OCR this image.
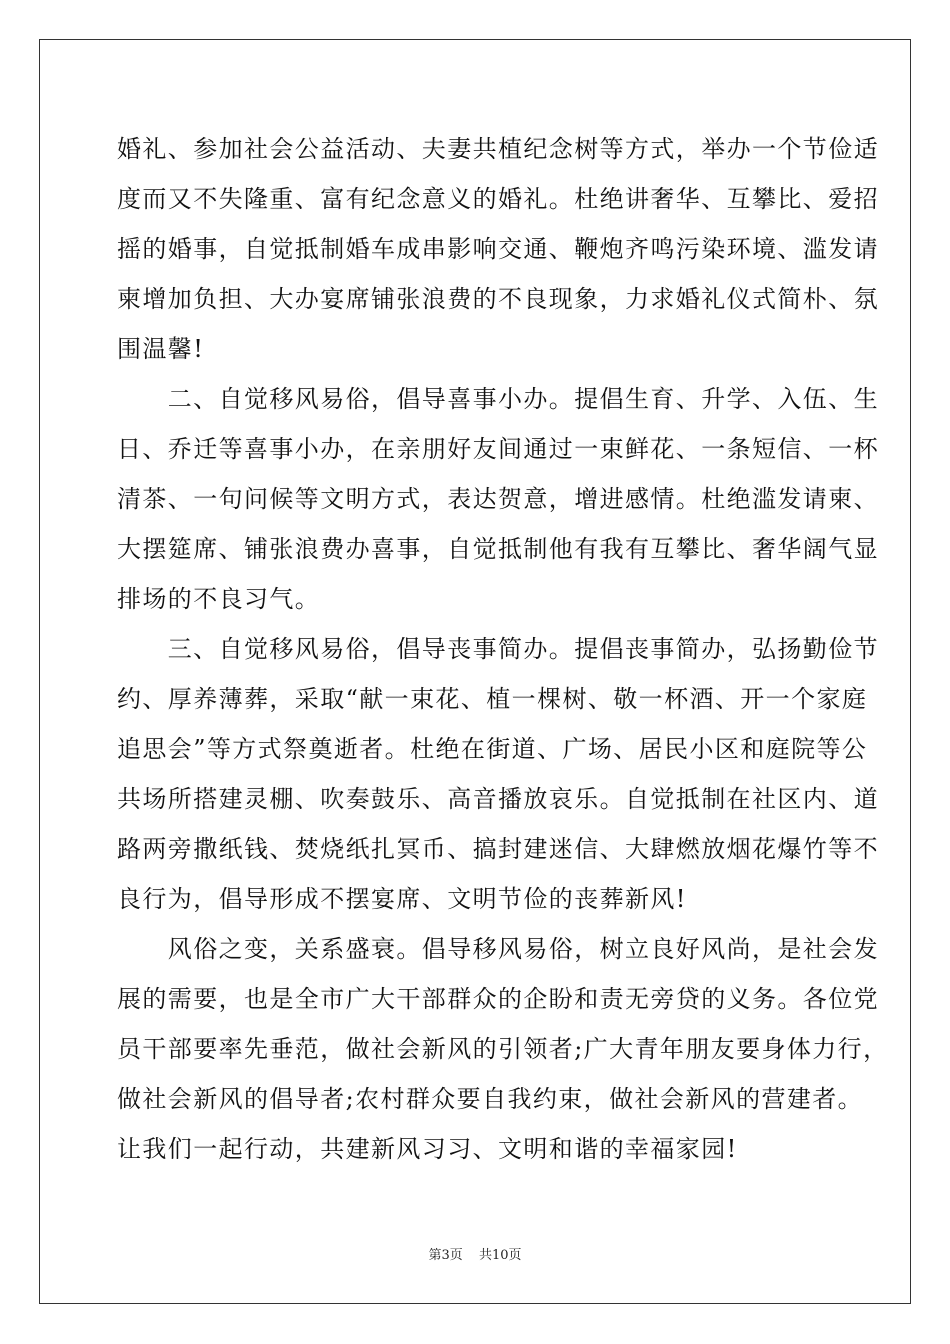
婚礼、参加社会公益活动、夫妻共植纪念树等方式，举办一个节俭适
度而又不失隆重、富有纪念意义的婚礼。杜绝讲奢华、互攀比、爱招
摇的婚事，自觉抵制婚车成串影响交通、鞭炮齐鸣污染环境、滥发请
柬增加负担、大办宴席铺张浪费的不良现象，力求婚礼仪式简朴、氛
围温馨!
　　二、自觉移风易俗，倡导喜事小办。提倡生育、升学、入伍、生
日、乔迁等喜事小办，在亲朋好友间通过一束鲜花、一条短信、一杯
清茶、一句问候等文明方式，表达贺意，增进感情。杜绝滥发请柬、
大摆筵席、铺张浪费办喜事，自觉抵制他有我有互攀比、奢华阔气显
排场的不良习气。
　　三、自觉移风易俗，倡导丧事简办。提倡丧事简办，弘扬勤俭节
约、厚养薄葬，采取“献一束花、植一棵树、敬一杯酒、开一个家庭
追思会”等方式祭奠逝者。杜绝在街道、广场、居民小区和庭院等公
共场所搭建灵棚、吹奏鼓乐、高音播放哀乐。自觉抵制在社区内、道
路两旁撒纸钱、焚烧纸扎冥币、搞封建迷信、大肆燃放烟花爆竹等不
良行为，倡导形成不摆宴席、文明节俭的丧葬新风!
　　风俗之变，关系盛衰。倡导移风易俗，树立良好风尚，是社会发
展的需要，也是全市广大干部群众的企盼和责无旁贷的义务。各位党
员干部要率先垂范，做社会新风的引领者;广大青年朋友要身体力行，
做社会新风的倡导者;农村群众要自我约束，做社会新风的营建者。
让我们一起行动，共建新风习习、文明和谐的幸福家园!
第3页 共10页
